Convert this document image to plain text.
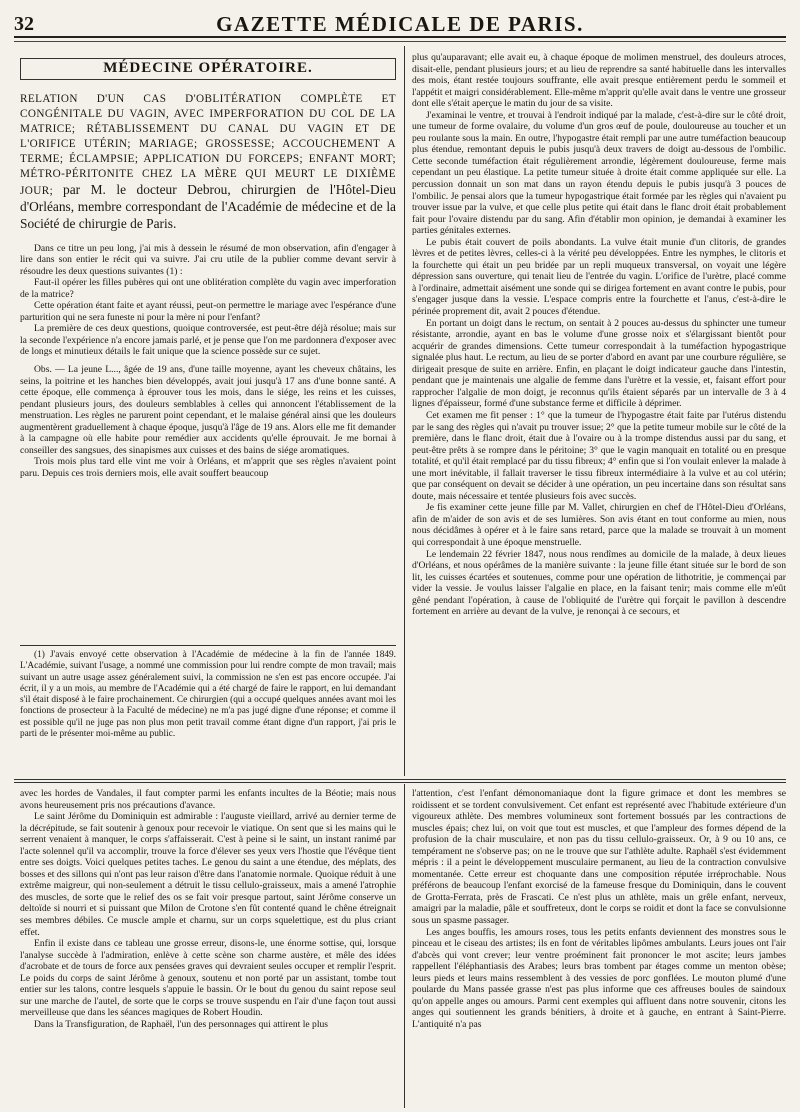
32	GAZETTE MÉDICALE DE PARIS.
MÉDECINE OPÉRATOIRE.
RELATION D'UN CAS D'OBLITÉRATION COMPLÈTE ET CONGÉNITALE DU VAGIN, AVEC IMPERFORATION DU COL DE LA MATRICE; RÉTABLISSEMENT DU CANAL DU VAGIN ET DE L'ORIFICE UTÉRIN; MARIAGE; GROSSESSE; ACCOUCHEMENT A TERME; ÉCLAMPSIE; APPLICATION DU FORCEPS; ENFANT MORT; MÉTRO-PÉRITONITE CHEZ LA MÈRE QUI MEURT LE DIXIÈME JOUR; par M. le docteur Debrou, chirurgien de l'Hôtel-Dieu d'Orléans, membre correspondant de l'Académie de médecine et de la Société de chirurgie de Paris.

Dans ce titre un peu long, j'ai mis à dessein le résumé de mon observation, afin d'engager à lire dans son entier le récit qui va suivre. J'ai cru utile de la publier comme devant servir à résoudre les deux questions suivantes (1) :

Faut-il opérer les filles pubères qui ont une oblitération complète du vagin avec imperforation de la matrice?

Cette opération étant faite et ayant réussi, peut-on permettre le mariage avec l'espérance d'une parturition qui ne sera funeste ni pour la mère ni pour l'enfant?

La première de ces deux questions, quoique controversée, est peut-être déjà résolue; mais sur la seconde l'expérience n'a encore jamais parlé, et je pense que l'on me pardonnera d'exposer avec de longs et minutieux détails le fait unique que la science possède sur ce sujet.

Obs. — La jeune L..., âgée de 19 ans, d'une taille moyenne, ayant les cheveux châtains, les seins, la poitrine et les hanches bien développés, avait joui jusqu'à 17 ans d'une bonne santé. A cette époque, elle commença à éprouver tous les mois, dans le siége, les reins et les cuisses, pendant plusieurs jours, des douleurs semblables à celles qui annoncent l'établissement de la menstruation. Les règles ne parurent point cependant, et le malaise général ainsi que les douleurs augmentèrent graduellement à chaque époque, jusqu'à l'âge de 19 ans. Alors elle me fit demander à la campagne où elle habite pour remédier aux accidents qu'elle éprouvait. Je me bornai à conseiller des sangsues, des sinapismes aux cuisses et des bains de siége aromatiques.

Trois mois plus tard elle vint me voir à Orléans, et m'apprit que ses règles n'avaient point paru. Depuis ces trois derniers mois, elle avait souffert beaucoup

(1) J'avais envoyé cette observation à l'Académie de médecine à la fin de l'année 1849. L'Académie, suivant l'usage, a nommé une commission pour lui rendre compte de mon travail; mais suivant un autre usage assez généralement suivi, la commission ne s'en est pas encore occupée. J'ai écrit, il y a un mois, au membre de l'Académie qui a été chargé de faire le rapport, en lui demandant s'il était disposé à le faire prochainement. Ce chirurgien (qui a occupé quelques années avant moi les fonctions de prosecteur à la Faculté de médecine) ne m'a pas jugé digne d'une réponse; et comme il est possible qu'il ne juge pas non plus mon petit travail comme étant digne d'un rapport, j'ai pris le parti de le présenter moi-même au public.

plus qu'auparavant; elle avait eu, à chaque époque de molimen menstruel, des douleurs atroces, disait-elle, pendant plusieurs jours; et au lieu de reprendre sa santé habituelle dans les intervalles des mois, étant restée toujours souffrante, elle avait presque entièrement perdu le sommeil et l'appétit et maigri considérablement. Elle-même m'apprit qu'elle avait dans le ventre une grosseur dont elle s'était aperçue le matin du jour de sa visite.

J'examinai le ventre, et trouvai à l'endroit indiqué par la malade, c'est-à-dire sur le côté droit, une tumeur de forme ovalaire, du volume d'un gros œuf de poule, douloureuse au toucher et un peu roulante sous la main. En outre, l'hypogastre était rempli par une autre tuméfaction beaucoup plus étendue, remontant depuis le pubis jusqu'à deux travers de doigt au-dessous de l'ombilic. Cette seconde tuméfaction était régulièrement arrondie, légèrement douloureuse, ferme mais cependant un peu élastique. La petite tumeur située à droite était comme appliquée sur elle. La percussion donnait un son mat dans un rayon étendu depuis le pubis jusqu'à 3 pouces de l'ombilic. Je pensai alors que la tumeur hypogastrique était formée par les règles qui n'avaient pu trouver issue par la vulve, et que celle plus petite qui était dans le flanc droit était probablement fait pour l'ovaire distendu par du sang. Afin d'établir mon opinion, je demandai à examiner les parties génitales externes.

Le pubis était couvert de poils abondants. La vulve était munie d'un clitoris, de grandes lèvres et de petites lèvres, celles-ci à la vérité peu développées. Entre les nymphes, le clitoris et la fourchette qui était un peu bridée par un repli muqueux transversal, on voyait une légère dépression sans ouverture, qui tenait lieu de l'entrée du vagin. L'orifice de l'urètre, placé comme à l'ordinaire, admettait aisément une sonde qui se dirigea fortement en avant contre le pubis, pour s'engager jusque dans la vessie. L'espace compris entre la fourchette et l'anus, c'est-à-dire le périnée proprement dit, avait 2 pouces d'étendue.

En portant un doigt dans le rectum, on sentait à 2 pouces au-dessus du sphincter une tumeur résistante, arrondie, ayant en bas le volume d'une grosse noix et s'élargissant bientôt pour acquérir de grandes dimensions. Cette tumeur correspondait à la tuméfaction hypogastrique signalée plus haut. Le rectum, au lieu de se porter d'abord en avant par une courbure régulière, se dirigeait presque de suite en arrière. Enfin, en plaçant le doigt indicateur gauche dans l'intestin, pendant que je maintenais une algalie de femme dans l'urètre et la vessie, et, faisant effort pour rapprocher l'algalie de mon doigt, je reconnus qu'ils étaient séparés par un intervalle de 3 à 4 lignes d'épaisseur, formé d'une substance ferme et difficile à déprimer.

Cet examen me fit penser : 1° que la tumeur de l'hypogastre était faite par l'utérus distendu par le sang des règles qui n'avait pu trouver issue; 2° que la petite tumeur mobile sur le côté de la première, dans le flanc droit, était due à l'ovaire ou à la trompe distendus aussi par du sang, et peut-être prêts à se rompre dans le péritoine; 3° que le vagin manquait en totalité ou en presque totalité, et qu'il était remplacé par du tissu fibreux; 4° enfin que si l'on voulait enlever la malade à une mort inévitable, il fallait traverser le tissu fibreux intermédiaire à la vulve et au col utérin; que par conséquent on devait se décider à une opération, un peu incertaine dans son résultat sans doute, mais nécessaire et tentée plusieurs fois avec succès.

Je fis examiner cette jeune fille par M. Vallet, chirurgien en chef de l'Hôtel-Dieu d'Orléans, afin de m'aider de son avis et de ses lumières. Son avis étant en tout conforme au mien, nous nous décidâmes à opérer et à le faire sans retard, parce que la malade se trouvait à un moment qui correspondait à une époque menstruelle.

Le lendemain 22 février 1847, nous nous rendîmes au domicile de la malade, à deux lieues d'Orléans, et nous opérâmes de la manière suivante : la jeune fille étant située sur le bord de son lit, les cuisses écartées et soutenues, comme pour une opération de lithotritie, je commençai par vider la vessie. Je voulus laisser l'algalie en place, en la faisant tenir; mais comme elle m'eût gêné pendant l'opération, à cause de l'obliquité de l'urètre qui forçait le pavillon à descendre fortement en arrière au devant de la vulve, je renonçai à ce secours, et

avec les hordes de Vandales, il faut compter parmi les enfants incultes de la Béotie; mais nous avons heureusement pris nos précautions d'avance.

Le saint Jérôme du Dominiquin est admirable : l'auguste vieillard, arrivé au dernier terme de la décrépitude, se fait soutenir à genoux pour recevoir le viatique. On sent que si les mains qui le serrent venaient à manquer, le corps s'affaisserait. C'est à peine si le saint, un instant ranimé par l'acte solennel qu'il va accomplir, trouve la force d'élever ses yeux vers l'hostie que l'évêque tient entre ses doigts. Voici quelques petites taches. Le genou du saint a une étendue, des méplats, des bosses et des sillons qui n'ont pas leur raison d'être dans l'anatomie normale. Quoique réduit à une extrême maigreur, qui non-seulement a détruit le tissu cellulo-graisseux, mais a amené l'atrophie des muscles, de sorte que le relief des os se fait voir presque partout, saint Jérôme conserve un deltoïde si nourri et si puissant que Milon de Crotone s'en fût contenté quand le chêne étreignait ses membres débiles. Ce muscle ample et charnu, sur un corps squelettique, est du plus criant effet.

Enfin il existe dans ce tableau une grosse erreur, disons-le, une énorme sottise, qui, lorsque l'analyse succède à l'admiration, enlève à cette scène son charme austère, et mêle des idées d'acrobate et de tours de force aux pensées graves qui devraient seules occuper et remplir l'esprit. Le poids du corps de saint Jérôme à genoux, soutenu et non porté par un assistant, tombe tout entier sur les talons, contre lesquels s'appuie le bassin. Or le bout du genou du saint repose seul sur une marche de l'autel, de sorte que le corps se trouve suspendu en l'air d'une façon tout aussi merveilleuse que dans les séances magiques de Robert Houdin.

Dans la Transfiguration, de Raphaël, l'un des personnages qui attirent le plus

l'attention, c'est l'enfant démonomaniaque dont la figure grimace et dont les membres se roidissent et se tordent convulsivement. Cet enfant est représenté avec l'habitude extérieure d'un vigoureux athlète. Des membres volumineux sont fortement bossués par les contractions de muscles épais; chez lui, on voit que tout est muscles, et que l'ampleur des formes dépend de la profusion de la chair musculaire, et non pas du tissu cellulo-graisseux. Or, à 9 ou 10 ans, ce tempérament ne s'observe pas; on ne le trouve que sur l'athlète adulte. Raphaël s'est évidemment mépris : il a peint le développement musculaire permanent, au lieu de la contraction convulsive momentanée. Cette erreur est choquante dans une composition réputée irréprochable. Nous préférons de beaucoup l'enfant exorcisé de la fameuse fresque du Dominiquin, dans le couvent de Grotta-Ferrata, près de Frascati. Ce n'est plus un athlète, mais un grêle enfant, nerveux, amaigri par la maladie, pâle et souffreteux, dont le corps se roidit et dont la face se convulsionne sous un spasme passager.

Les anges bouffis, les amours roses, tous les petits enfants deviennent des monstres sous le pinceau et le ciseau des artistes; ils en font de véritables lipômes ambulants. Leurs joues ont l'air d'abcès qui vont crever; leur ventre proéminent fait prononcer le mot ascite; leurs jambes rappellent l'éléphantiasis des Arabes; leurs bras tombent par étages comme un menton obèse; leurs pieds et leurs mains ressemblent à des vessies de porc gonflées. Le mouton plumé d'une poularde du Mans passée grasse n'est pas plus informe que ces affreuses boules de saindoux qu'on appelle anges ou amours. Parmi cent exemples qui affluent dans notre souvenir, citons les anges qui soutiennent les grands bénitiers, à droite et à gauche, en entrant à Saint-Pierre. L'antiquité n'a pas
